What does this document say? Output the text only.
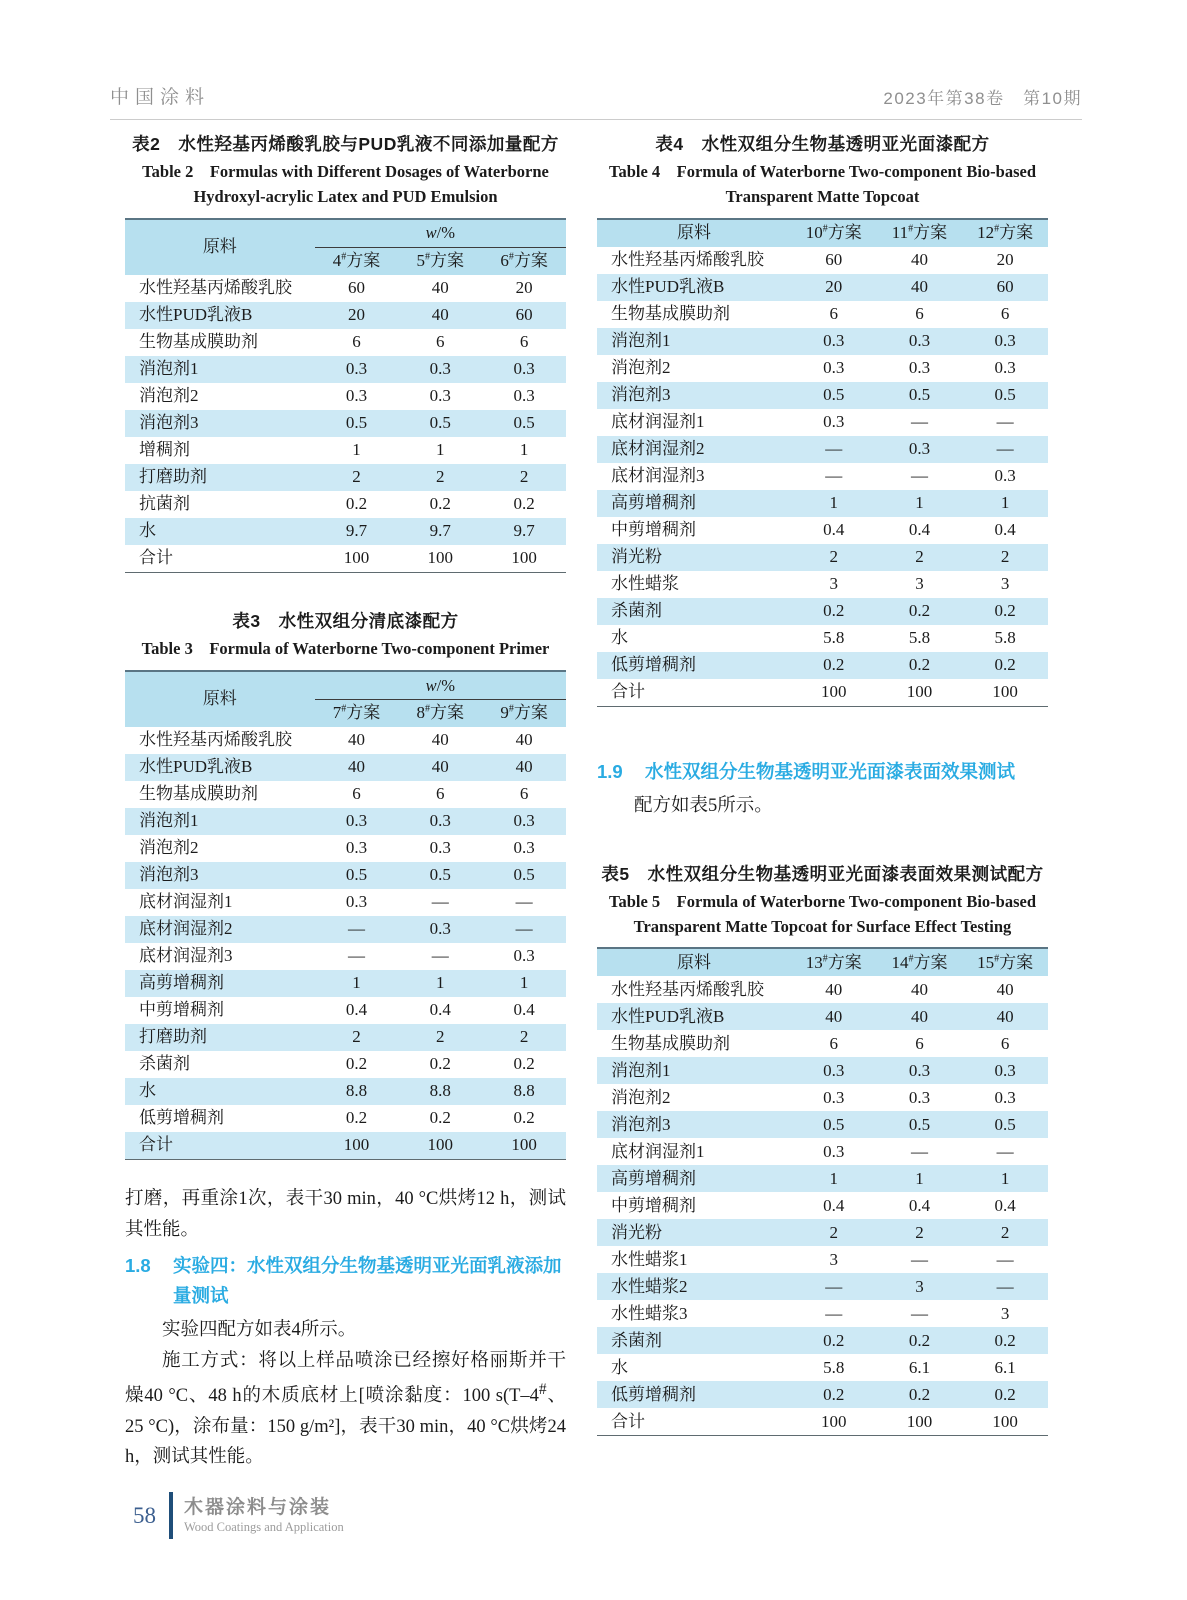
中国涂料	2023年第38卷　第10期
表2　水性羟基丙烯酸乳胶与PUD乳液不同添加量配方
Table 2　Formulas with Different Dosages of Waterborne Hydroxyl-acrylic Latex and PUD Emulsion
原料	w/%		
	4#方案	5#方案	6#方案
水性羟基丙烯酸乳胶	60	40	20
水性PUD乳液B	20	40	60
生物基成膜助剂	6	6	6
消泡剂1	0.3	0.3	0.3
消泡剂2	0.3	0.3	0.3
消泡剂3	0.5	0.5	0.5
增稠剂	1	1	1
打磨助剂	2	2	2
抗菌剂	0.2	0.2	0.2
水	9.7	9.7	9.7
合计	100	100	100
表3　水性双组分清底漆配方
Table 3　Formula of Waterborne Two-component Primer
原料	w/%		
	7#方案	8#方案	9#方案
水性羟基丙烯酸乳胶	40	40	40
水性PUD乳液B	40	40	40
生物基成膜助剂	6	6	6
消泡剂1	0.3	0.3	0.3
消泡剂2	0.3	0.3	0.3
消泡剂3	0.5	0.5	0.5
底材润湿剂1	0.3	—	—
底材润湿剂2	—	0.3	—
底材润湿剂3	—	—	0.3
高剪增稠剂	1	1	1
中剪增稠剂	0.4	0.4	0.4
打磨助剂	2	2	2
杀菌剂	0.2	0.2	0.2
水	8.8	8.8	8.8
低剪增稠剂	0.2	0.2	0.2
合计	100	100	100

打磨，再重涂1次，表干30 min，40 °C烘烤12 h，测试其性能。

1.8 实验四：水性双组分生物基透明亚光面乳液添加量测试

实验四配方如表4所示。

施工方式：将以上样品喷涂已经擦好格丽斯并干燥40 °C、48 h的木质底材上[喷涂黏度：100 s(T–4#、25 °C)，涂布量：150 g/m²]，表干30 min，40 °C烘烤24 h，测试其性能。

表4　水性双组分生物基透明亚光面漆配方
Table 4　Formula of Waterborne Two-component Bio-based Transparent Matte Topcoat
原料	10#方案	11#方案	12#方案
水性羟基丙烯酸乳胶	60	40	20
水性PUD乳液B	20	40	60
生物基成膜助剂	6	6	6
消泡剂1	0.3	0.3	0.3
消泡剂2	0.3	0.3	0.3
消泡剂3	0.5	0.5	0.5
底材润湿剂1	0.3	—	—
底材润湿剂2	—	0.3	—
底材润湿剂3	—	—	0.3
高剪增稠剂	1	1	1
中剪增稠剂	0.4	0.4	0.4
消光粉	2	2	2
水性蜡浆	3	3	3
杀菌剂	0.2	0.2	0.2
水	5.8	5.8	5.8
低剪增稠剂	0.2	0.2	0.2
合计	100	100	100
1.9 水性双组分生物基透明亚光面漆表面效果测试

配方如表5所示。

表5　水性双组分生物基透明亚光面漆表面效果测试配方
Table 5　Formula of Waterborne Two-component Bio-based Transparent Matte Topcoat for Surface Effect Testing
原料	13#方案	14#方案	15#方案
水性羟基丙烯酸乳胶	40	40	40
水性PUD乳液B	40	40	40
生物基成膜助剂	6	6	6
消泡剂1	0.3	0.3	0.3
消泡剂2	0.3	0.3	0.3
消泡剂3	0.5	0.5	0.5
底材润湿剂1	0.3	—	—
高剪增稠剂	1	1	1
中剪增稠剂	0.4	0.4	0.4
消光粉	2	2	2
水性蜡浆1	3	—	—
水性蜡浆2	—	3	—
水性蜡浆3	—	—	3
杀菌剂	0.2	0.2	0.2
水	5.8	6.1	6.1
低剪增稠剂	0.2	0.2	0.2
合计	100	100	100
58 木器涂料与涂装
Wood Coatings and Application
